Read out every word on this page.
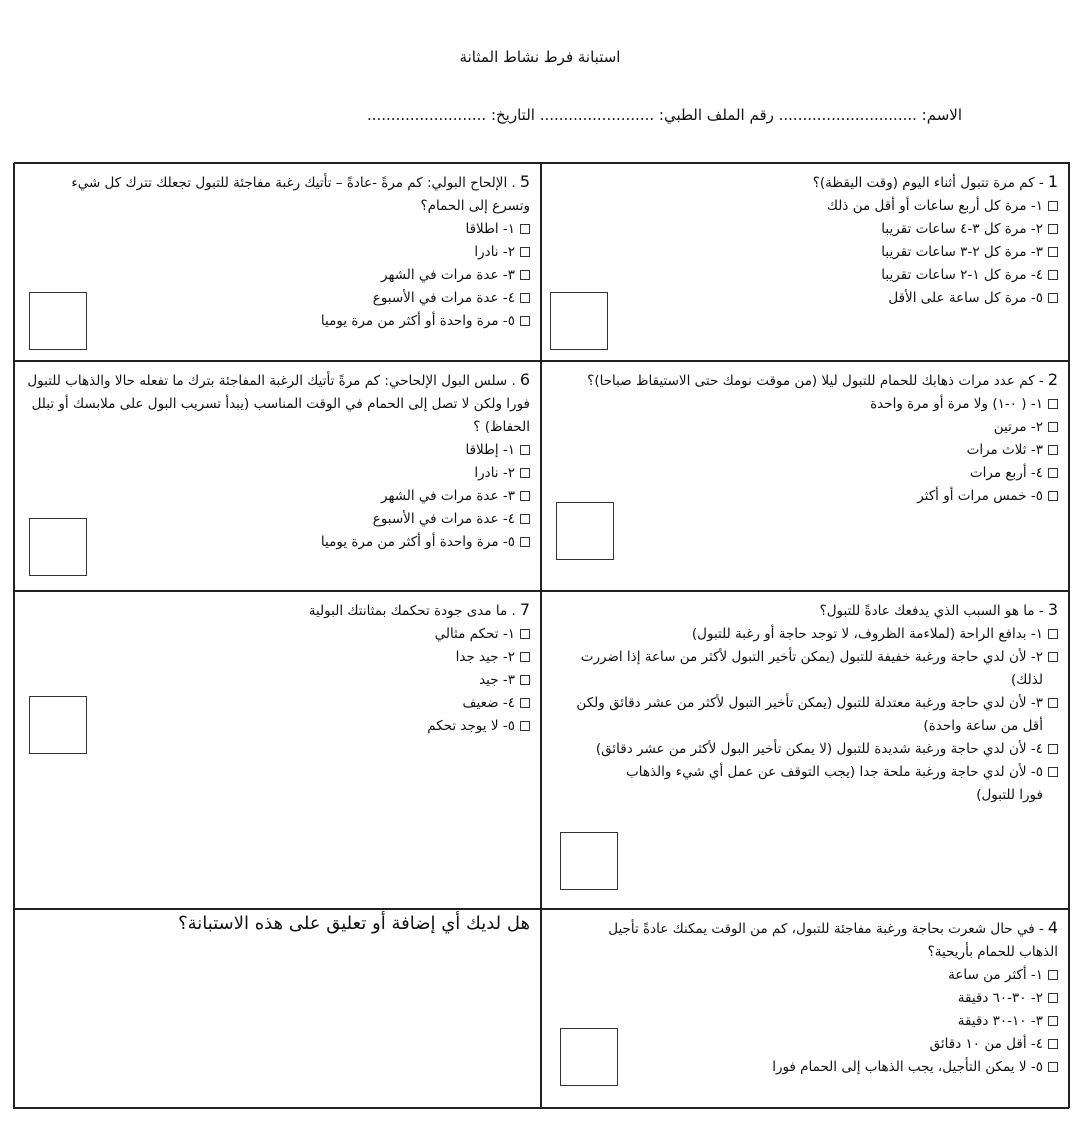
استبانة فرط نشاط المثانة
الاسم: ............................. رقم الملف الطبي: ........................ التاريخ: .........................
1- كم مرة تتبول أثناء اليوم (وقت اليقظة)؟
١- مرة كل أربع ساعات أو أقل من ذلك
٢- مرة كل ٣-٤ ساعات تقريبا
٣- مرة كل ٢-٣ ساعات تقريبا
٤- مرة كل ١-٢ ساعات تقريبا
٥- مرة كل ساعة على الأقل
5. الإلحاح البولي: كم مرةً -عادةً – تأتيك رغبة مفاجئة للتبول تجعلك تترك كل شيء وتسرع إلى الحمام؟
١- اطلاقا
٢- نادرا
٣- عدة مرات في الشهر
٤- عدة مرات في الأسبوع
٥- مرة واحدة أو أكثر من مرة يوميا
2- كم عدد مرات ذهابك للحمام للتبول ليلا (من موقت نومك حتى الاستيقاظ صباحا)؟
١- ( ٠-١) ولا مرة أو مرة واحدة
٢- مرتين
٣- ثلاث مرات
٤- أربع مرات
٥- خمس مرات أو أكثر
6. سلس البول الإلحاحي: كم مرةً تأتيك الرغبة المفاجئة بترك ما تفعله حالا والذهاب للتبول فورا ولكن لا تصل إلى الحمام في الوقت المناسب (يبدأ تسريب البول على ملابسك أو تبلل الحفاظ) ؟
١- إطلاقا
٢- نادرا
٣- عدة مرات في الشهر
٤- عدة مرات في الأسبوع
٥- مرة واحدة أو أكثر من مرة يوميا
3- ما هو السبب الذي يدفعك عادةً للتبول؟
١- بدافع الراحة (لملاءمة الظروف، لا توجد حاجة أو رغبة للتبول)
٢- لأن لدي حاجة ورغبة خفيفة للتبول (يمكن تأخير التبول لأكثر من ساعة إذا اضررت لذلك)
٣- لأن لدي حاجة ورغبة معتدلة للتبول (يمكن تأخير التبول لأكثر من عشر دقائق ولكن أقل من ساعة واحدة)
٤- لأن لدي حاجة ورغبة شديدة للتبول (لا يمكن تأخير البول لأكثر من عشر دقائق)
٥- لأن لدي حاجة ورغبة ملحة جدا (يجب التوقف عن عمل أي شيء والذهاب فورا للتبول)
7. ما مدى جودة تحكمك بمثانتك البولية
١- تحكم مثالي
٢- جيد جدا
٣- جيد
٤- ضعيف
٥- لا يوجد تحكم
4- في حال شعرت بحاجة ورغبة مفاجئة للتبول، كم من الوقت يمكنك عادةً تأجيل الذهاب للحمام بأريحية؟
١- أكثر من ساعة
٢- ٣٠-٦٠ دقيقة
٣- ١٠-٣٠ دقيقة
٤- أقل من ١٠ دقائق
٥- لا يمكن التأجيل، يجب الذهاب إلى الحمام فورا
هل لديك أي إضافة أو تعليق على هذه الاستبانة؟
